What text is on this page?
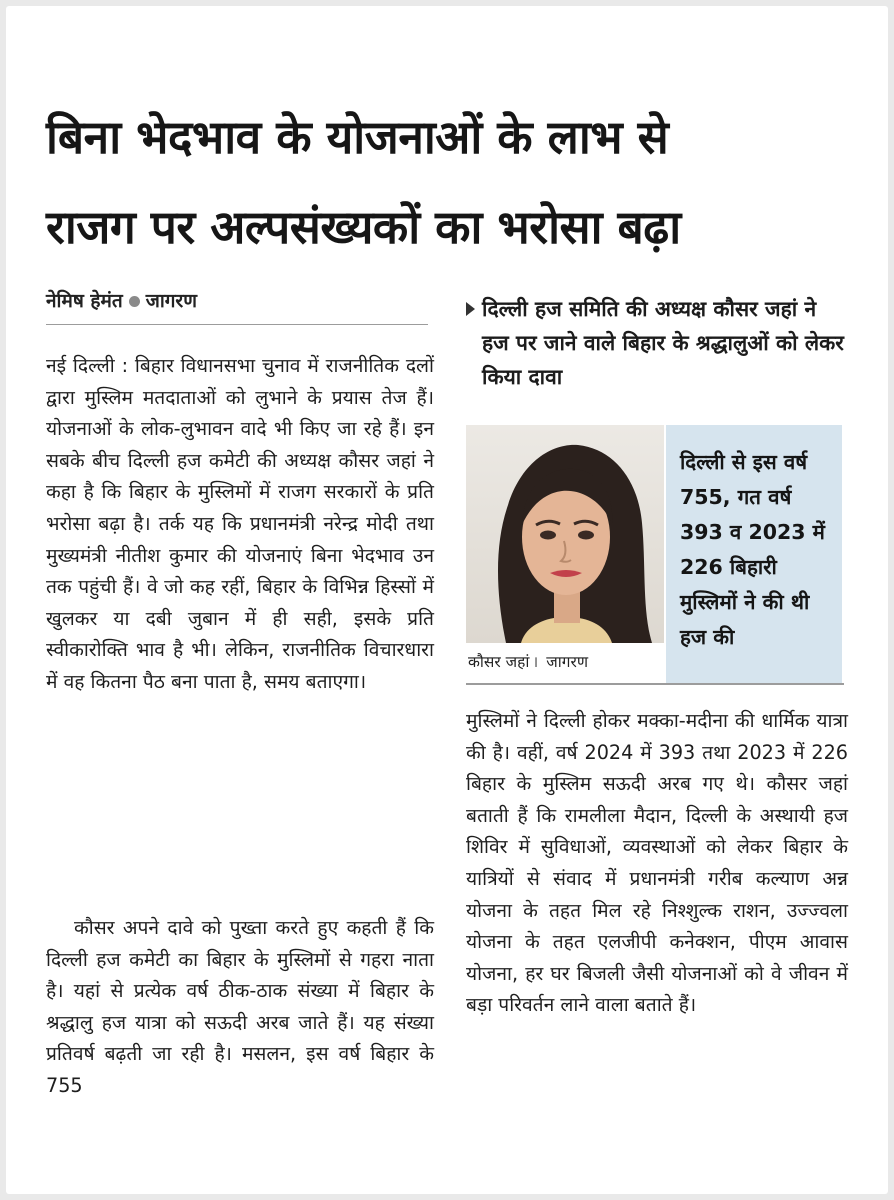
बिना भेदभाव के योजनाओं के लाभ से
राजग पर अल्पसंख्यकों का भरोसा बढ़ा
नेमिष हेमंत जागरण

नई दिल्ली : बिहार विधानसभा चुनाव में राजनीतिक दलों द्वारा मुस्लिम मतदाताओं को लुभाने के प्रयास तेज हैं। योजनाओं के लोक-लुभावन वादे भी किए जा रहे हैं। इन सबके बीच दिल्ली हज कमेटी की अध्यक्ष कौसर जहां ने कहा है कि बिहार के मुस्लिमों में राजग सरकारों के प्रति भरोसा बढ़ा है। तर्क यह कि प्रधानमंत्री नरेन्द्र मोदी तथा मुख्यमंत्री नीतीश कुमार की योजनाएं बिना भेदभाव उन तक पहुंची हैं। वे जो कह रहीं, बिहार के विभिन्न हिस्सों में खुलकर या दबी जुबान में ही सही, इसके प्रति स्वीकारोक्ति भाव है भी। लेकिन, राजनीतिक विचारधारा में वह कितना पैठ बना पाता है, समय बताएगा।

कौसर अपने दावे को पुख्ता करते हुए कहती हैं कि दिल्ली हज कमेटी का बिहार के मुस्लिमों से गहरा नाता है। यहां से प्रत्येक वर्ष ठीक-ठाक संख्या में बिहार के श्रद्धालु हज यात्रा को सऊदी अरब जाते हैं। यह संख्या प्रतिवर्ष बढ़ती जा रही है। मसलन, इस वर्ष बिहार के 755

दिल्ली हज समिति की अध्यक्ष कौसर जहां ने हज पर जाने वाले बिहार के श्रद्धालुओं को लेकर किया दावा
कौसर जहां । जागरण
दिल्ली से इस वर्ष 755, गत वर्ष 393 व 2023 में 226 बिहारी मुस्लिमों ने की थी हज की

मुस्लिमों ने दिल्ली होकर मक्का-मदीना की धार्मिक यात्रा की है। वहीं, वर्ष 2024 में 393 तथा 2023 में 226 बिहार के मुस्लिम सऊदी अरब गए थे। कौसर जहां बताती हैं कि रामलीला मैदान, दिल्ली के अस्थायी हज शिविर में सुविधाओं, व्यवस्थाओं को लेकर बिहार के यात्रियों से संवाद में प्रधानमंत्री गरीब कल्याण अन्न योजना के तहत मिल रहे निश्शुल्क राशन, उज्ज्वला योजना के तहत एलजीपी कनेक्शन, पीएम आवास योजना, हर घर बिजली जैसी योजनाओं को वे जीवन में बड़ा परिवर्तन लाने वाला बताते हैं।
